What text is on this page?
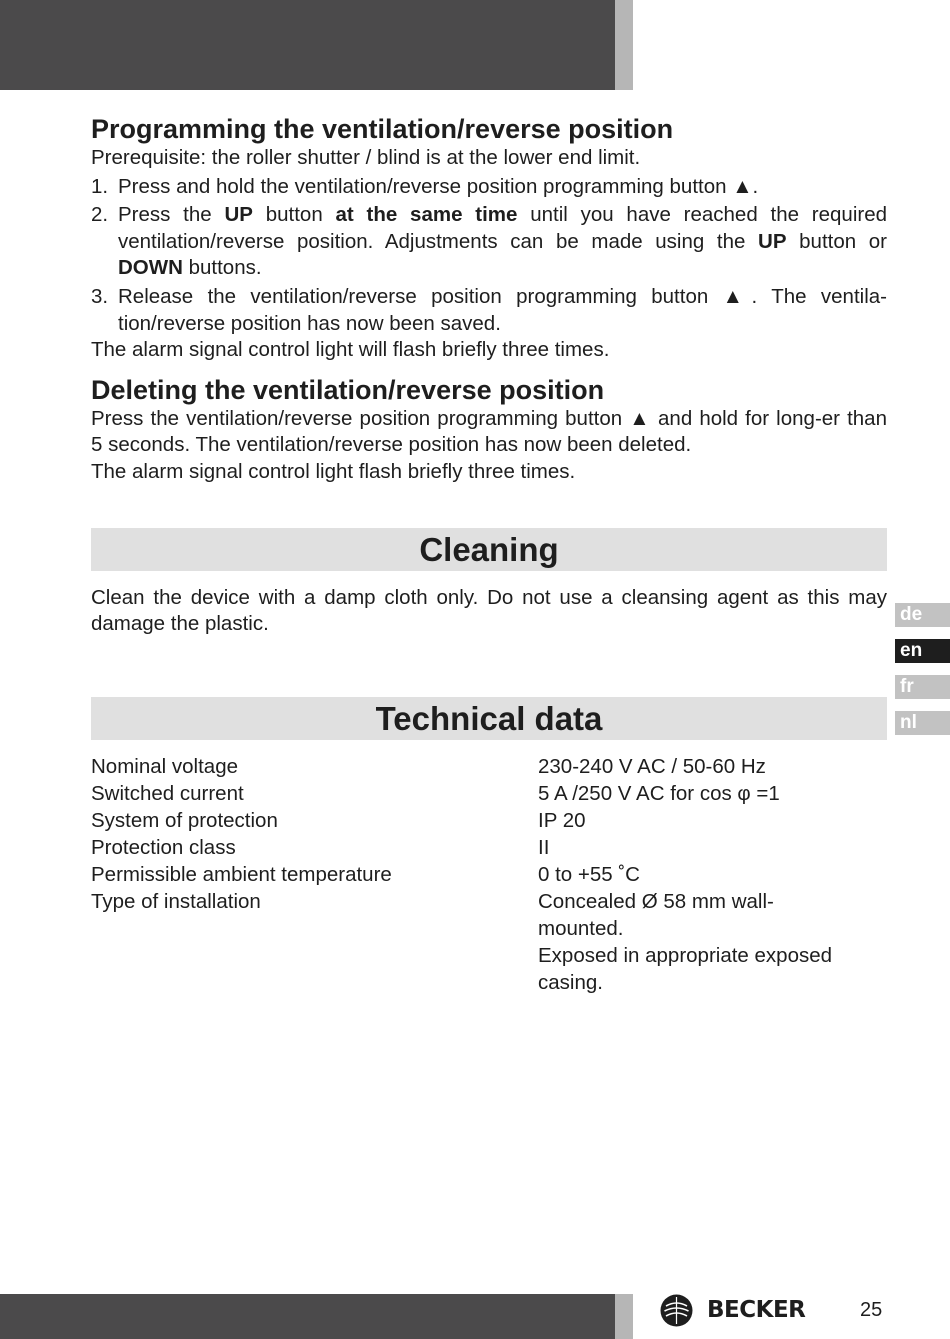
Programming the ventilation/reverse position

Prerequisite: the roller shutter / blind is at the lower end limit.

1. Press and hold the ventilation/reverse position programming button ▲.
2. Press the UP button at the same time until you have reached the required ventilation/reverse position. Adjustments can be made using the UP button or DOWN buttons.
3. Release the ventilation/reverse position programming button ▲. The ventila-tion/reverse position has now been saved.

The alarm signal control light will flash briefly three times.

Deleting the ventilation/reverse position

Press the ventilation/reverse position programming button ▲ and hold for long-er than 5 seconds. The ventilation/reverse position has now been deleted.

The alarm signal control light flash briefly three times.

Cleaning

Clean the device with a damp cloth only. Do not use a cleansing agent as this may damage the plastic.

Technical data
Nominal voltage	230-240 V AC / 50-60 Hz
Switched current	5 A /250 V AC for cos φ =1
System of protection	IP 20
Protection class	II
Permissible ambient temperature	0 to +55 ˚C
Type of installation	Concealed Ø 58 mm wall-mounted.
	Exposed in appropriate exposed casing.
de
en
fr
nl
BECKER	25
